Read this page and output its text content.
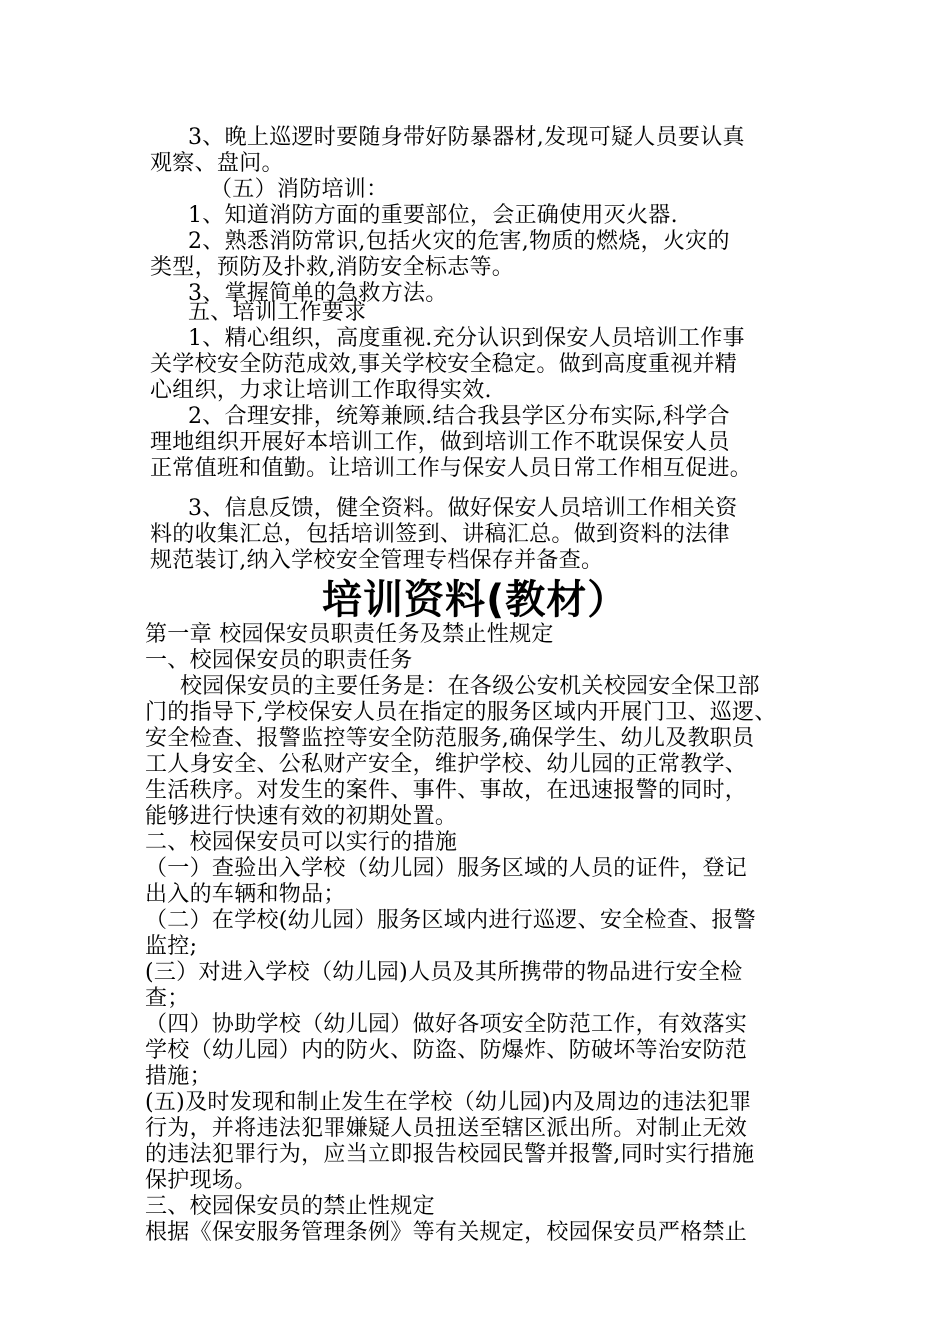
3、晚上巡逻时要随身带好防暴器材,发现可疑人员要认真
观察、盘问。
（五）消防培训：
1、知道消防方面的重要部位，会正确使用灭火器.
2、熟悉消防常识,包括火灾的危害,物质的燃烧，火灾的
类型，预防及扑救,消防安全标志等。
3、掌握简单的急救方法。
五、培训工作要求
1、精心组织，高度重视.充分认识到保安人员培训工作事
关学校安全防范成效,事关学校安全稳定。做到高度重视并精
心组织，力求让培训工作取得实效.
2、合理安排，统筹兼顾.结合我县学区分布实际,科学合
理地组织开展好本培训工作，做到培训工作不耽误保安人员
正常值班和值勤。让培训工作与保安人员日常工作相互促进。
3、信息反馈，健全资料。做好保安人员培训工作相关资
料的收集汇总，包括培训签到、讲稿汇总。做到资料的法律
规范装订,纳入学校安全管理专档保存并备查。
培训资料(教材）
第一章 校园保安员职责任务及禁止性规定
一、校园保安员的职责任务
校园保安员的主要任务是：在各级公安机关校园安全保卫部
门的指导下,学校保安人员在指定的服务区域内开展门卫、巡逻、
安全检查、报警监控等安全防范服务,确保学生、幼儿及教职员
工人身安全、公私财产安全，维护学校、幼儿园的正常教学、
生活秩序。对发生的案件、事件、事故，在迅速报警的同时，
能够进行快速有效的初期处置。
二、校园保安员可以实行的措施
（一）查验出入学校（幼儿园）服务区域的人员的证件，登记
出入的车辆和物品；
（二）在学校(幼儿园）服务区域内进行巡逻、安全检查、报警
监控;
(三）对进入学校（幼儿园)人员及其所携带的物品进行安全检
查；
（四）协助学校（幼儿园）做好各项安全防范工作，有效落实
学校（幼儿园）内的防火、防盗、防爆炸、防破坏等治安防范
措施；
(五)及时发现和制止发生在学校（幼儿园)内及周边的违法犯罪
行为，并将违法犯罪嫌疑人员扭送至辖区派出所。对制止无效
的违法犯罪行为，应当立即报告校园民警并报警,同时实行措施
保护现场。
三、校园保安员的禁止性规定
根据《保安服务管理条例》等有关规定，校园保安员严格禁止
